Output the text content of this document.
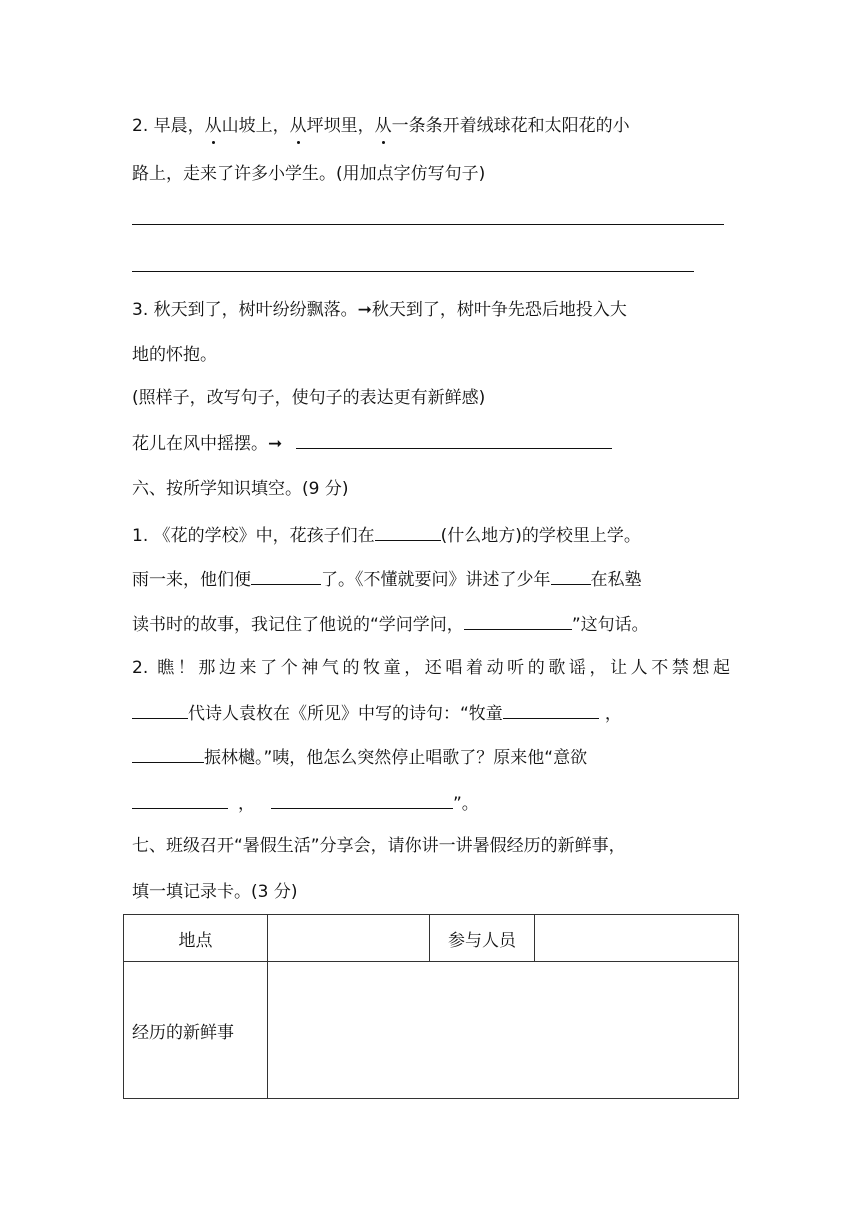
2. 早晨，从山坡上，从坪坝里，从一条条开着绒球花和太阳花的小
路上，走来了许多小学生。(用加点字仿写句子)
3. 秋天到了，树叶纷纷飘落。➞秋天到了，树叶争先恐后地投入大
地的怀抱。
(照样子，改写句子，使句子的表达更有新鲜感)
花儿在风中摇摆。➞
六、按所学知识填空。(9 分)
1. 《花的学校》中，花孩子们在	(什么地方)的学校里上学。
雨一来，他们便	了。《不懂就要问》讲述了少年 在私塾
读书时的故事，我记住了他说的“学问学问，	”这句话。
2. 瞧！那边来了个神气的牧童，还唱着动听的歌谣，让人不禁想起
代诗人袁枚在《所见》中写的诗句：“牧童	，
振林樾。”咦，他怎么突然停止唱歌了？原来他“意欲
，	”。
七、班级召开“暑假生活”分享会，请你讲一讲暑假经历的新鲜事，
填一填记录卡。(3 分)
地点		参与人员	
经历的新鲜事			
